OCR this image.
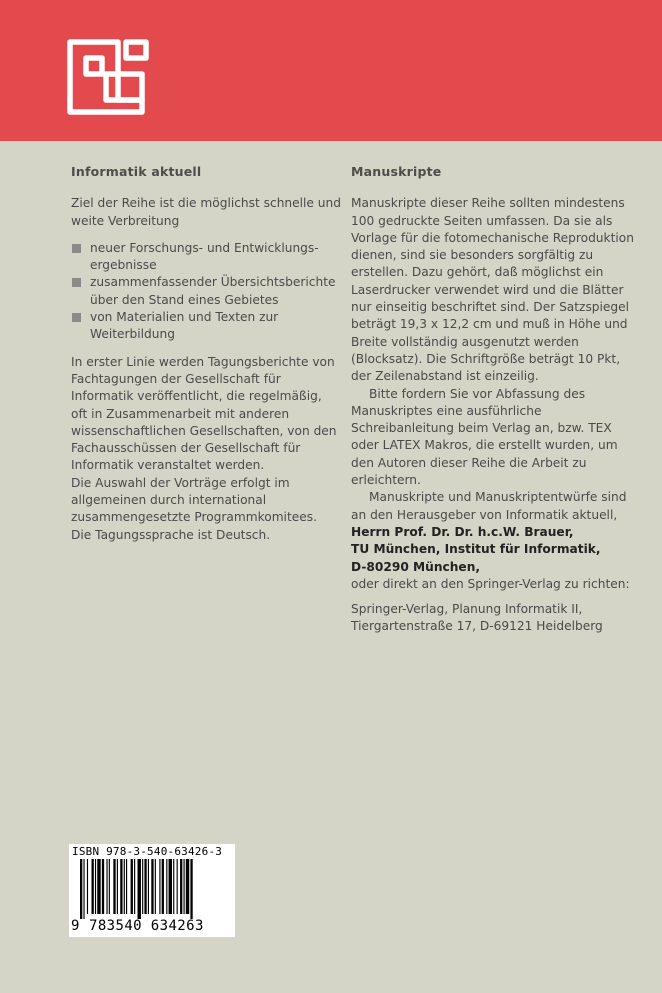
Informatik aktuell

Ziel der Reihe ist die möglichst schnelle und weite Verbreitung

neuer Forschungs- und Entwicklungs- ergebnisse
zusammenfassender Übersichtsberichte über den Stand eines Gebietes
von Materialien und Texten zur Weiterbildung

In erster Linie werden Tagungsberichte von Fachtagungen der Gesellschaft für Informatik veröffentlicht, die regelmäßig, oft in Zusammenarbeit mit anderen wissenschaftlichen Gesellschaften, von den Fachausschüssen der Gesellschaft für Informatik veranstaltet werden.

Die Auswahl der Vorträge erfolgt im allgemeinen durch international zusammengesetzte Programmkomitees.

Die Tagungssprache ist Deutsch.

Manuskripte

Manuskripte dieser Reihe sollten mindestens 100 gedruckte Seiten umfassen. Da sie als Vorlage für die fotomechanische Reproduktion dienen, sind sie besonders sorgfältig zu erstellen. Dazu gehört, daß möglichst ein Laserdrucker verwendet wird und die Blätter nur einseitig beschriftet sind. Der Satzspiegel beträgt 19,3 x 12,2 cm und muß in Höhe und Breite vollständig ausgenutzt werden (Blocksatz). Die Schriftgröße beträgt 10 Pkt, der Zeilenabstand ist einzeilig.

Bitte fordern Sie vor Abfassung des Manuskriptes eine ausführliche Schreibanleitung beim Verlag an, bzw. TEX oder LATEX Makros, die erstellt wurden, um den Autoren dieser Reihe die Arbeit zu erleichtern.

Manuskripte und Manuskriptentwürfe sind an den Herausgeber von Informatik aktuell,

Herrn Prof. Dr. Dr. h.c.W. Brauer,

TU München, Institut für Informatik,

D-80290 München,

oder direkt an den Springer-Verlag zu richten:

Springer-Verlag, Planung Informatik II,

Tiergartenstraße 17, D-69121 Heidelberg

ISBN 978-3-540-63426-3
9 783540 634263
